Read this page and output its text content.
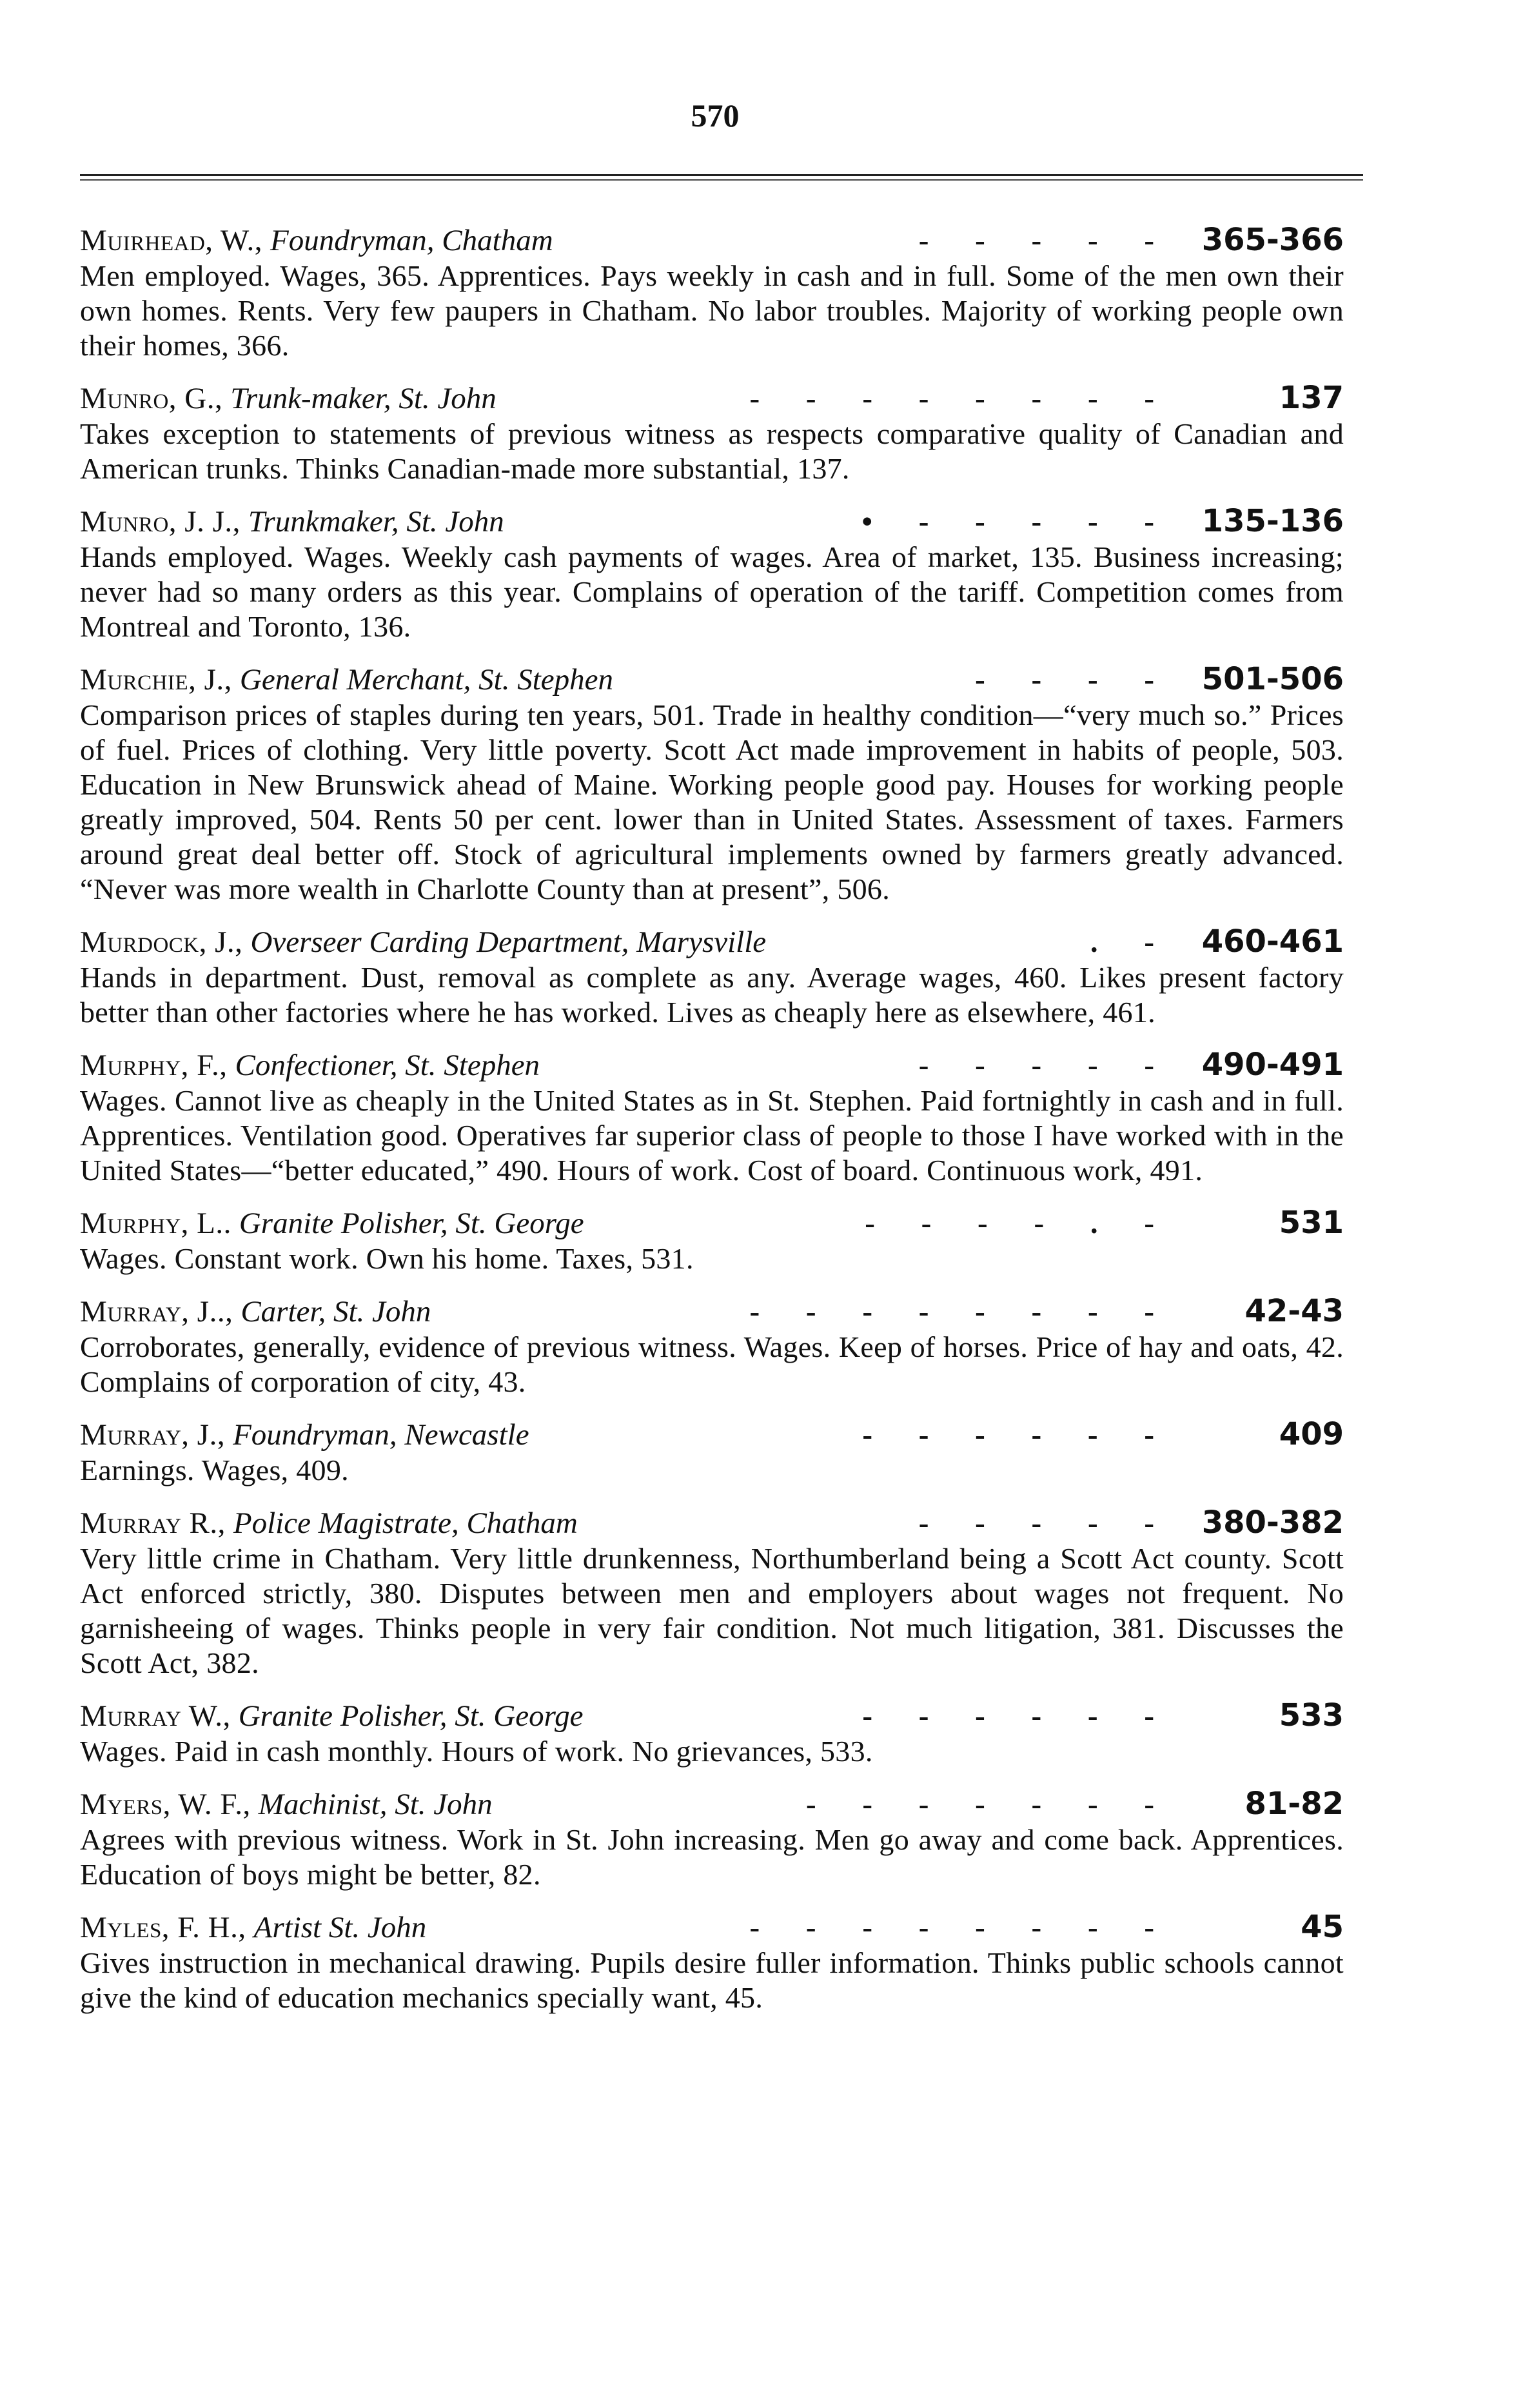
570
Muirhead, W., Foundryman, Chatham	- - - - - 365-366
Men employed. Wages, 365. Apprentices. Pays weekly in cash and in full. Some of the men own their own homes. Rents. Very few paupers in Chatham. No labor troubles. Majority of working people own their homes, 366.
Munro, G., Trunk-maker, St. John	- - - - - - - -	137
Takes exception to statements of previous witness as respects comparative quality of Canadian and American trunks. Thinks Canadian-made more substantial, 137.
Munro, J. J., Trunkmaker, St. John	• - - - - - 135-136
Hands employed. Wages. Weekly cash payments of wages. Area of market, 135. Business increasing; never had so many orders as this year. Complains of operation of the tariff. Competition comes from Montreal and Toronto, 136.
Murchie, J., General Merchant, St. Stephen	- - - - 501-506
Comparison prices of staples during ten years, 501. Trade in healthy condition—“very much so.” Prices of fuel. Prices of clothing. Very little poverty. Scott Act made improvement in habits of people, 503. Education in New Brunswick ahead of Maine. Working people good pay. Houses for working people greatly improved, 504. Rents 50 per cent. lower than in United States. Assessment of taxes. Farmers around great deal better off. Stock of agricultural implements owned by farmers greatly advanced. “Never was more wealth in Charlotte County than at present”, 506.
Murdock, J., Overseer Carding Department, Marysville	. - 460-461
Hands in department. Dust, removal as complete as any. Average wages, 460. Likes present factory better than other factories where he has worked. Lives as cheaply here as elsewhere, 461.
Murphy, F., Confectioner, St. Stephen	- - - - - 490-491
Wages. Cannot live as cheaply in the United States as in St. Stephen. Paid fortnightly in cash and in full. Apprentices. Ventilation good. Operatives far superior class of people to those I have worked with in the United States—“better educated,” 490. Hours of work. Cost of board. Continuous work, 491.
Murphy, L.. Granite Polisher, St. George	- - - - . -	531
Wages. Constant work. Own his home. Taxes, 531.
Murray, J.., Carter, St. John	- - - - - - - -	42-43
Corroborates, generally, evidence of previous witness. Wages. Keep of horses. Price of hay and oats, 42. Complains of corporation of city, 43.
Murray, J., Foundryman, Newcastle	- - - - - -	409
Earnings. Wages, 409.
Murray R., Police Magistrate, Chatham	- - - - - 380-382
Very little crime in Chatham. Very little drunkenness, Northumberland being a Scott Act county. Scott Act enforced strictly, 380. Disputes between men and employers about wages not frequent. No garnisheeing of wages. Thinks people in very fair condition. Not much litigation, 381. Discusses the Scott Act, 382.
Murray W., Granite Polisher, St. George	- - - - - -	533
Wages. Paid in cash monthly. Hours of work. No grievances, 533.
Myers, W. F., Machinist, St. John	- - - - - - -	81-82
Agrees with previous witness. Work in St. John increasing. Men go away and come back. Apprentices. Education of boys might be better, 82.
Myles, F. H., Artist St. John	- - - - - - - -	45
Gives instruction in mechanical drawing. Pupils desire fuller information. Thinks public schools cannot give the kind of education mechanics specially want, 45.
